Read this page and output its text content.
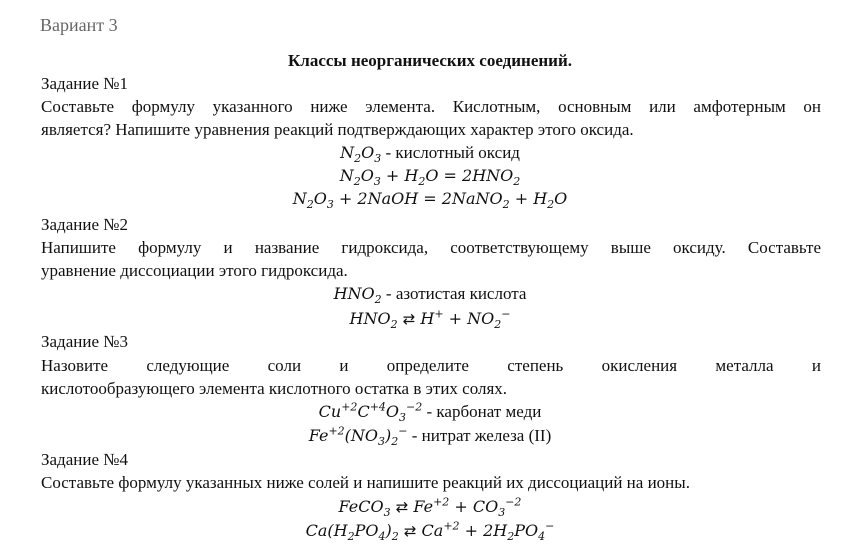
Вариант 3
Классы неорганических соединений.
Задание №1
Составьте формулу указанного ниже элемента. Кислотным, основным или амфотерным он
является? Напишите уравнения реакций подтверждающих характер этого оксида.
$N_2O_3$ - кислотный оксид
$N_2O_3 + H_2O = 2HNO_2$
$N_2O_3$ + 2NaOH = 2NaNO$_2$ + $H_2O$
Задание №2
Напишите формулу и название гидроксида, соответствующему выше оксиду. Составьте
уравнение диссоциации этого гидроксида.
$HNO_2$ - азотистая кислота
$HNO_2$ ⇄ $H^+ + NO_2^-$
Задание №3
Назовите следующие соли и определите степень окисления металла и
кислотообразующего элемента кислотного остатка в этих солях.
$Cu^{+2}C^{+4}O_3^{-2}$ - карбонат меди
$Fe^{+2}(NO_3)_2^-$ - нитрат железа (II)
Задание №4
Составьте формулу указанных ниже солей и напишите реакций их диссоциаций на ионы.
FeCO$_3$ ⇄ $Fe^{+2} + CO_3^{-2}$
$Ca(H_2PO_4)_2$ ⇄ $Ca^{+2} + 2H_2PO_4^-$
